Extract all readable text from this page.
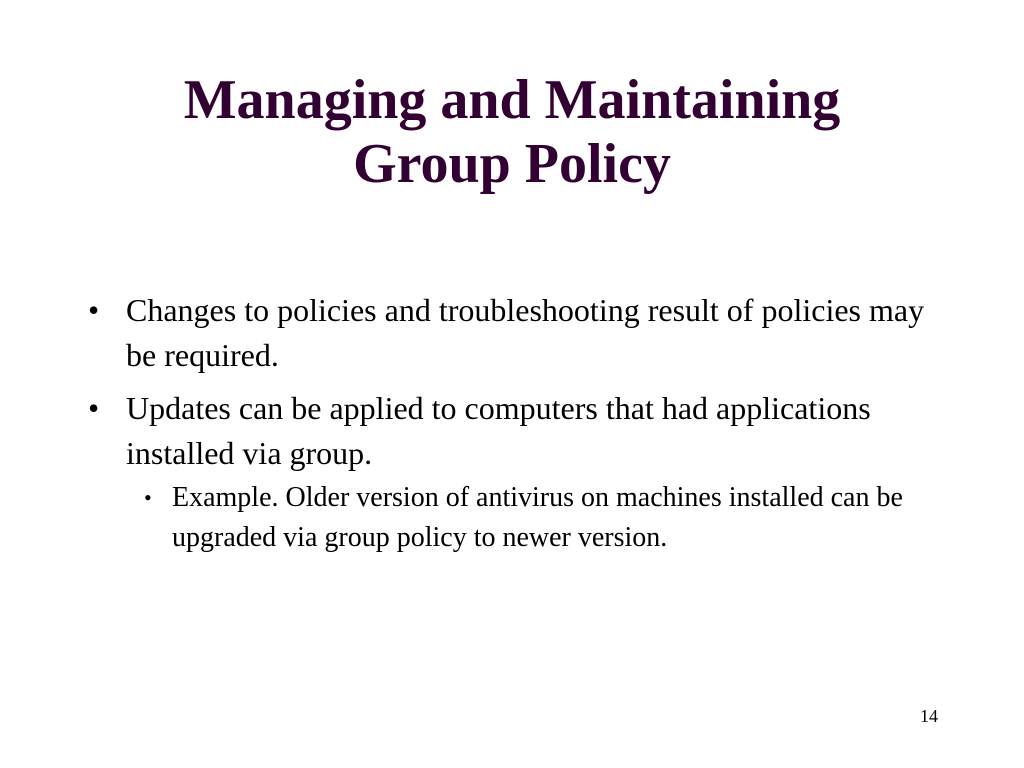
Managing and Maintaining
Group Policy
• Changes to policies and troubleshooting result of policies may be required.
• Updates can be applied to computers that had applications installed via group.
• Example. Older version of antivirus on machines installed can be upgraded via group policy to newer version.
14
